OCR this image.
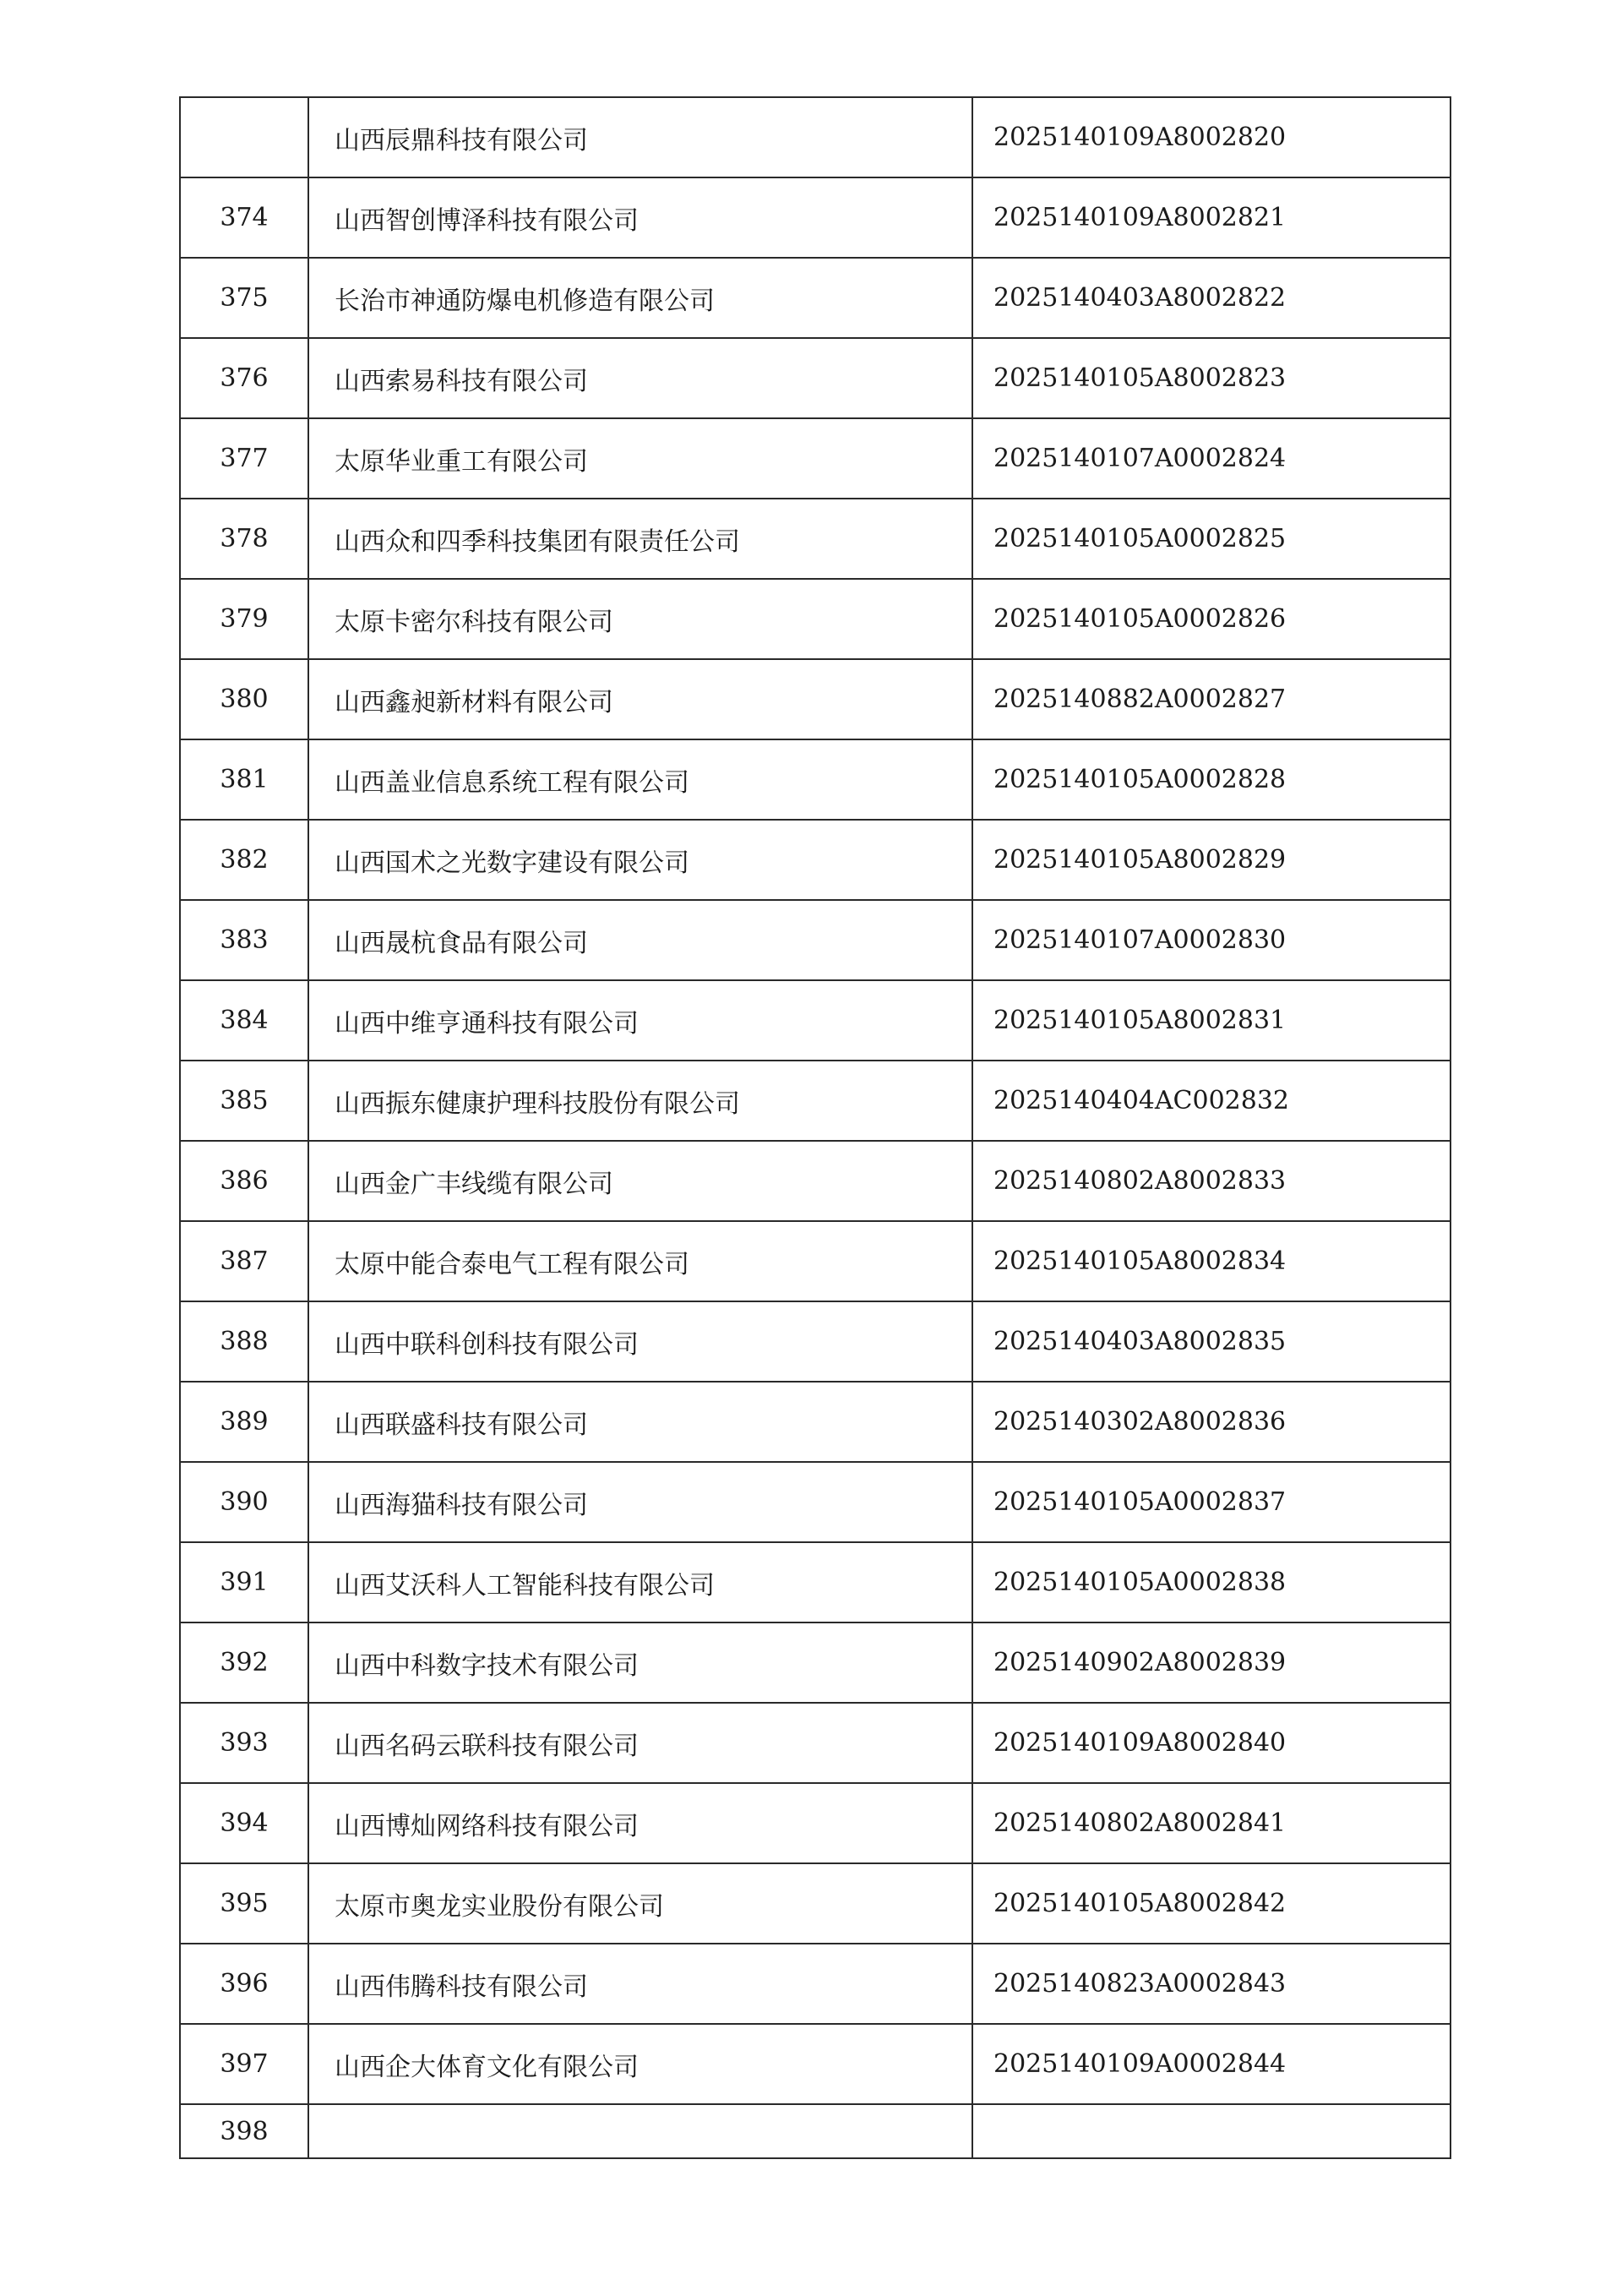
	山西辰鼎科技有限公司	2025140109A8002820
374	山西智创博泽科技有限公司	2025140109A8002821
375	长治市神通防爆电机修造有限公司	2025140403A8002822
376	山西索易科技有限公司	2025140105A8002823
377	太原华业重工有限公司	2025140107A0002824
378	山西众和四季科技集团有限责任公司	2025140105A0002825
379	太原卡密尔科技有限公司	2025140105A0002826
380	山西鑫昶新材料有限公司	2025140882A0002827
381	山西盖业信息系统工程有限公司	2025140105A0002828
382	山西国术之光数字建设有限公司	2025140105A8002829
383	山西晟杭食品有限公司	2025140107A0002830
384	山西中维亨通科技有限公司	2025140105A8002831
385	山西振东健康护理科技股份有限公司	2025140404AC002832
386	山西金广丰线缆有限公司	2025140802A8002833
387	太原中能合泰电气工程有限公司	2025140105A8002834
388	山西中联科创科技有限公司	2025140403A8002835
389	山西联盛科技有限公司	2025140302A8002836
390	山西海猫科技有限公司	2025140105A0002837
391	山西艾沃科人工智能科技有限公司	2025140105A0002838
392	山西中科数字技术有限公司	2025140902A8002839
393	山西名码云联科技有限公司	2025140109A8002840
394	山西博灿网络科技有限公司	2025140802A8002841
395	太原市奥龙实业股份有限公司	2025140105A8002842
396	山西伟腾科技有限公司	2025140823A0002843
397	山西企大体育文化有限公司	2025140109A0002844
398		
